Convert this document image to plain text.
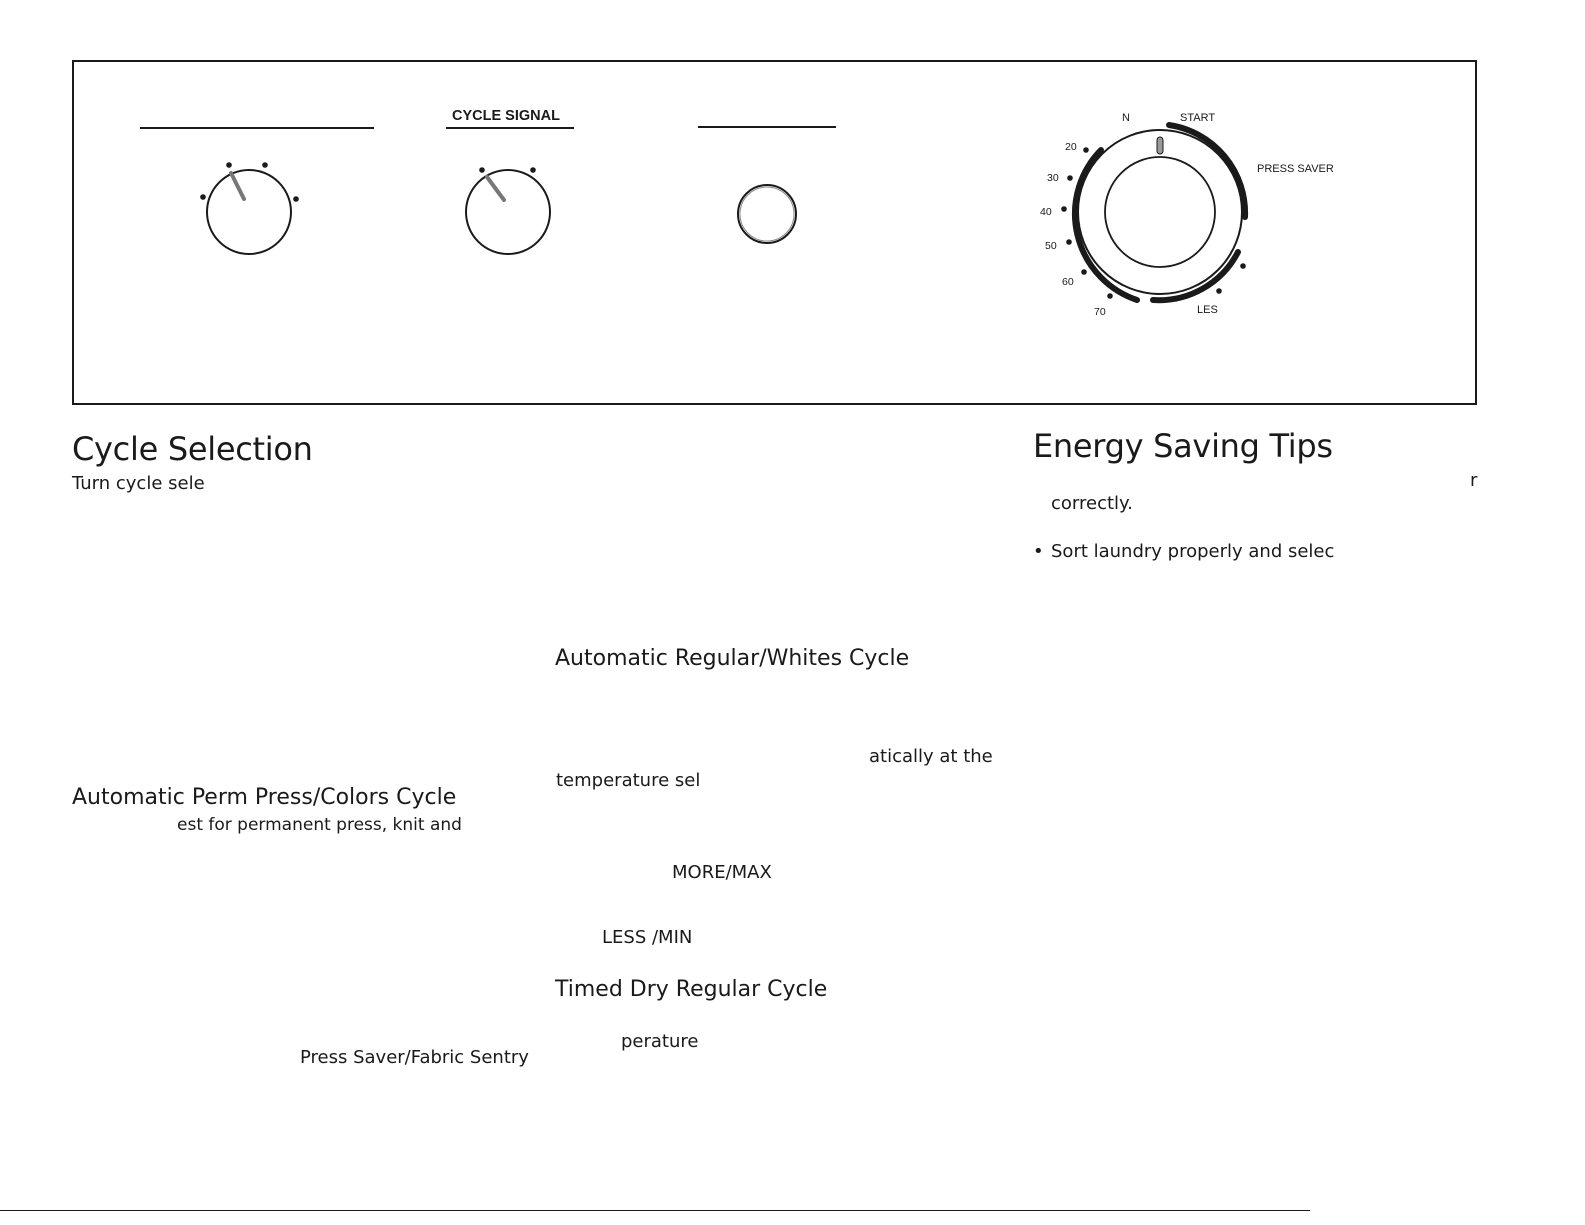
CYCLE SIGNAL	N	START
PRESS SAVER
LES
20
30
40
50
60
70
Cycle Selection
Turn cycle sele
Automatic Perm Press/Colors Cycle
est for permanent press, knit and
Press Saver/Fabric Sentry
Automatic Regular/Whites Cycle
atically at the
temperature sel
MORE/MAX
LESS /MIN
Timed Dry Regular Cycle
perature
Energy Saving Tips
r
correctly.
• Sort laundry properly and selec
